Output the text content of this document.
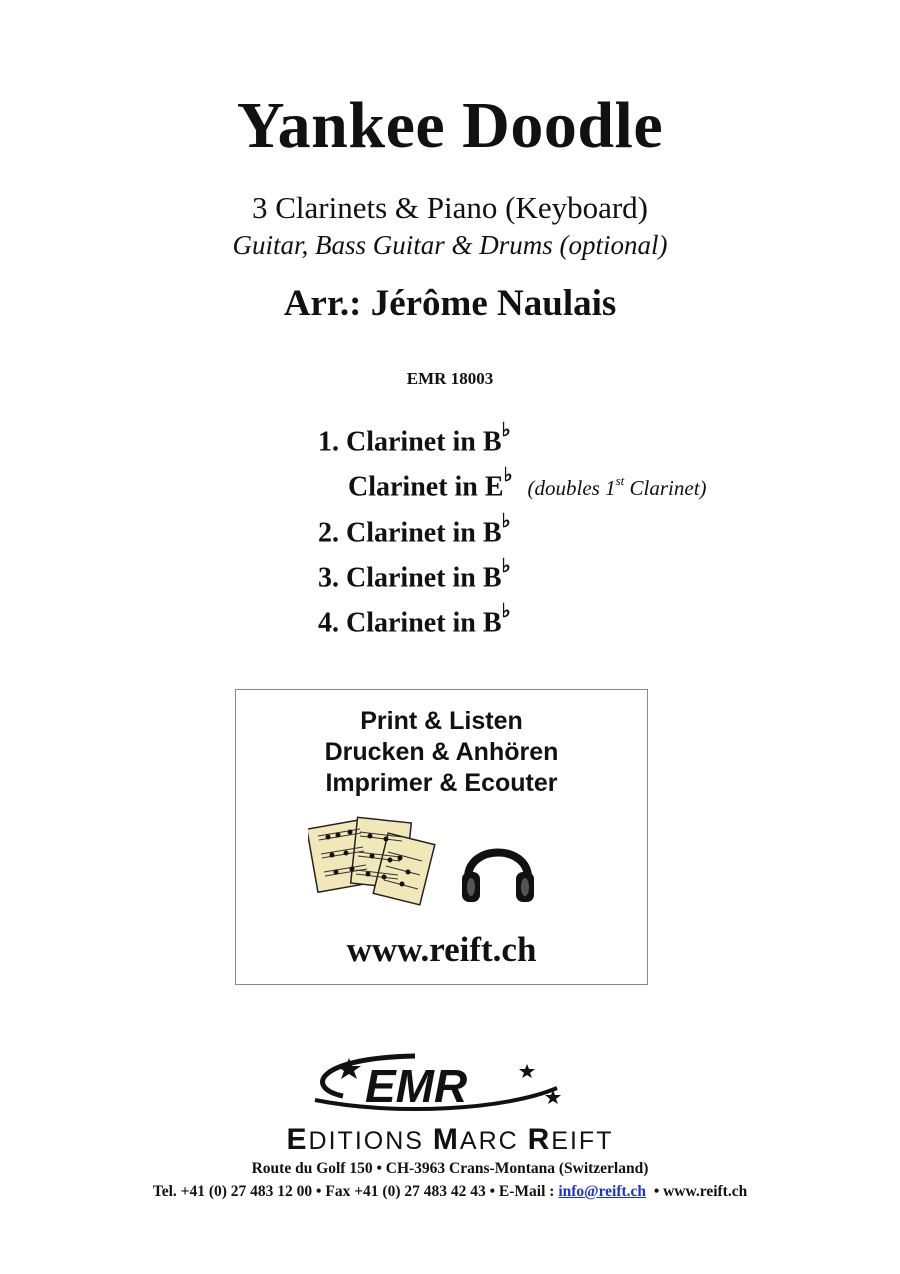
Yankee Doodle
3 Clarinets & Piano (Keyboard)
Guitar, Bass Guitar & Drums (optional)
Arr.: Jérôme Naulais
EMR 18003
1. Clarinet in B♭
Clarinet in E♭ (doubles 1st Clarinet)
2. Clarinet in B♭
3. Clarinet in B♭
4. Clarinet in B♭
Print & Listen
Drucken & Anhören
Imprimer & Ecouter
www.reift.ch
EMR
EDITIONS MARC REIFT
Route du Golf 150 • CH-3963 Crans-Montana (Switzerland)
Tel. +41 (0) 27 483 12 00 • Fax +41 (0) 27 483 42 43 • E-Mail : info@reift.ch  • www.reift.ch
